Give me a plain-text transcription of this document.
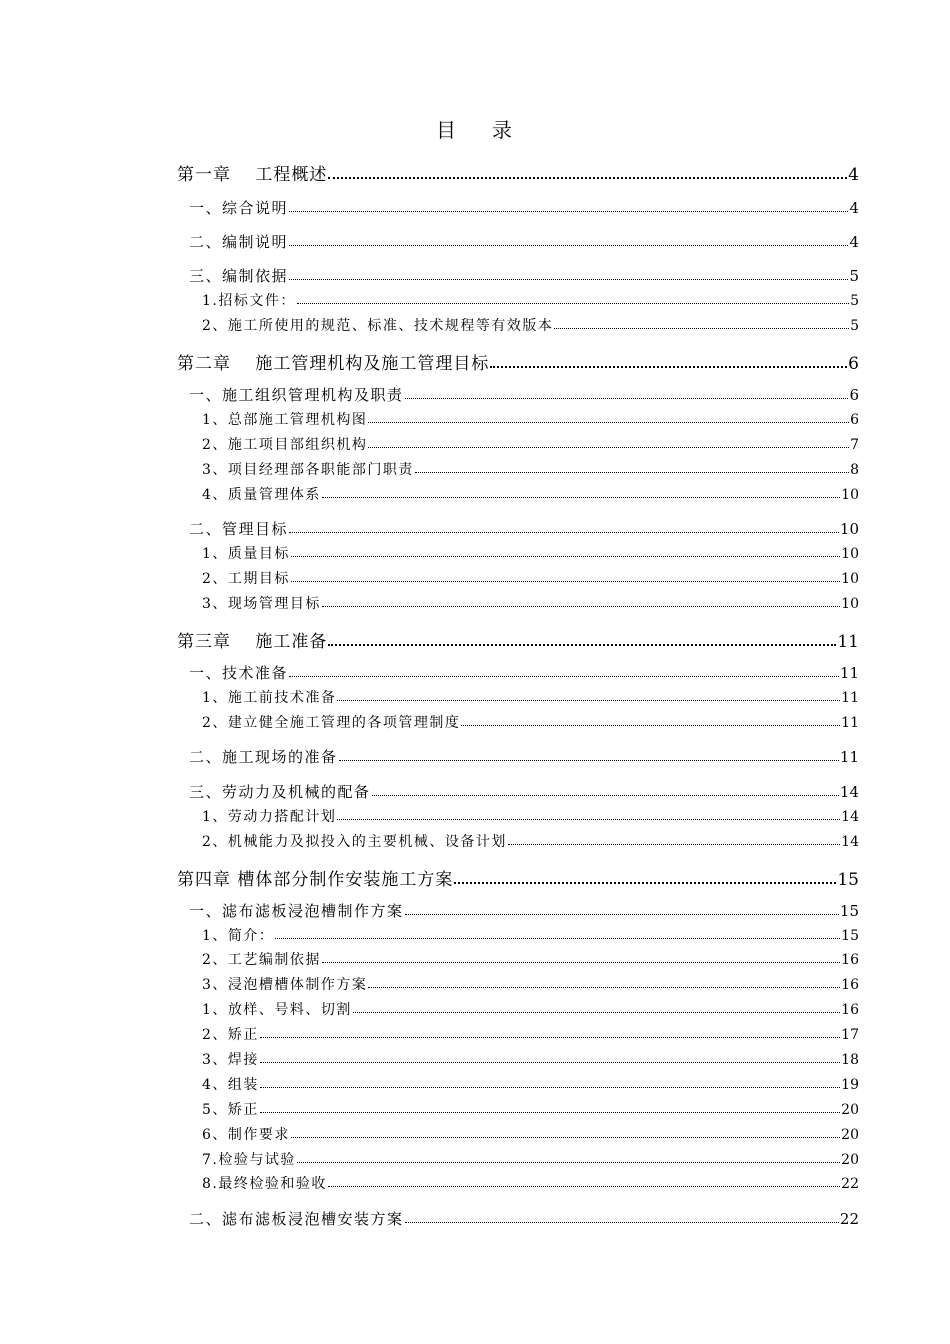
目 录
第一章　 工程概述	4
一、综合说明	4
二、编制说明	4
三、编制依据	5
1.招标文件：	5
2、施工所使用的规范、标准、技术规程等有效版本	5
第二章　 施工管理机构及施工管理目标	6
一、施工组织管理机构及职责	6
1、总部施工管理机构图	6
2、施工项目部组织机构	7
3、项目经理部各职能部门职责	8
4、质量管理体系	10
二、管理目标	10
1、质量目标	10
2、工期目标	10
3、现场管理目标	10
第三章　 施工准备	11
一、技术准备	11
1、施工前技术准备	11
2、建立健全施工管理的各项管理制度	11
二、施工现场的准备	11
三、劳动力及机械的配备	14
1、劳动力搭配计划	14
2、机械能力及拟投入的主要机械、设备计划	14
第四章 槽体部分制作安装施工方案	15
一、滤布滤板浸泡槽制作方案	15
1、简介：	15
2、工艺编制依据	16
3、浸泡槽槽体制作方案	16
1、放样、号料、切割	16
2、矫正	17
3、焊接	18
4、组装	19
5、矫正	20
6、制作要求	20
7.检验与试验	20
8.最终检验和验收	22
二、滤布滤板浸泡槽安装方案	22
